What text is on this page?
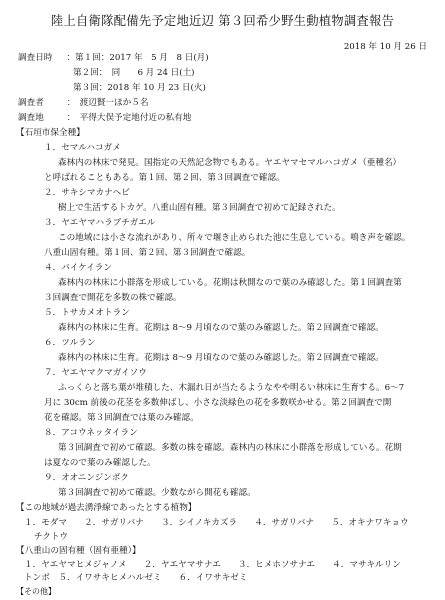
陸上自衛隊配備先予定地近辺 第３回希少野生動植物調査報告
2018 年 10 月 26 日
調査日時 ：第１回：2017 年　5 月　8 日(月)
第２回：　同　　6 月 24 日(土)
第３回：2018 年 10 月 23 日(火)
調査者	：　渡辺賢一ほか５名
調査地	：　平得大俣予定地付近の私有地
【石垣市保全種】
１．セマルハコガメ
森林内の林床で発見。国指定の天然記念物でもある。ヤエヤマセマルハコガメ（亜種名）
と呼ばれることもある。第１回、第２回、第３回調査で確認。
２．サキシマカナヘビ
樹上で生活するトカゲ。八重山固有種。第３回調査で初めて記録された。
３．ヤエヤマハラブチガエル
この地域には小さな流れがあり、所々で堰き止められた池に生息している。鳴き声を確認。
八重山固有種。第１回、第２回、第３回調査で確認。
４．バイケイラン
森林内の林床に小群落を形成している。花期は秋開なので葉のみ確認した。第１回調査第
３回調査で開花を多数の株で確認。
５．トサカメオトラン
森林内の林床に生育。花期は 8～9 月頃なので葉のみ確認した。第２回調査で確認。
６．ツルラン
森林内の林床に生育。花期は 8～9 月頃なので葉のみ確認した。第２回調査で確認。
７．ヤエヤマクマガイソウ
ふっくらと落ち葉が堆積した、木漏れ日が当たるようなやや明るい林床に生育する。6～7
月に 30cm 前後の花茎を多数伸ばし、小さな淡緑色の花を多数咲かせる。第２回調査で開
花を確認。第３回調査では葉のみ確認。
８．アコウネッタイラン
第３回調査で初めて確認。多数の株を確認。森林内の林床に小群落を形成している。花期
は夏なので葉のみ確認した。
９．オオニンジンボク
第３回調査で初めて確認。少数ながら開花も確認。
【この地域が過去湧淨線であったとする植物】
１．モダマ　　２．サガリバナ　　３．シイノキカズラ　　４．サガリバナ　　５．オキナワキョウ
チクトウ
【八重山の固有種（固有亜種）】
１．ヤエヤマヒメジャノメ　　２．ヤエヤマサナエ　　３．ヒメホソサナエ　　４．マサキルリン
トンボ　５．イワサキヒメハルゼミ　　６．イワサキゼミ
【その他】
